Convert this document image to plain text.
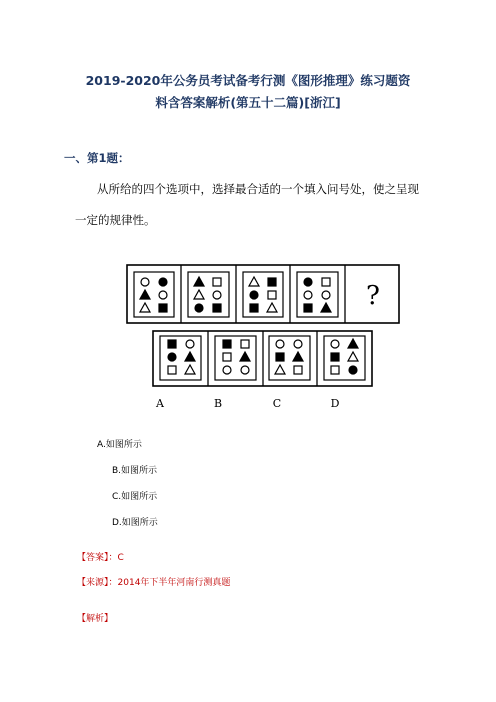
2019-2020年公务员考试备考行测《图形推理》练习题资
料含答案解析(第五十二篇)[浙江]
一、第1题：
从所给的四个选项中，选择最合适的一个填入问号处，使之呈现
一定的规律性。
?
A	B	C	D
A.如图所示
B.如图所示
C.如图所示
D.如图所示
【答案】：C
【来源】：2014年下半年河南行测真题
【解析】
